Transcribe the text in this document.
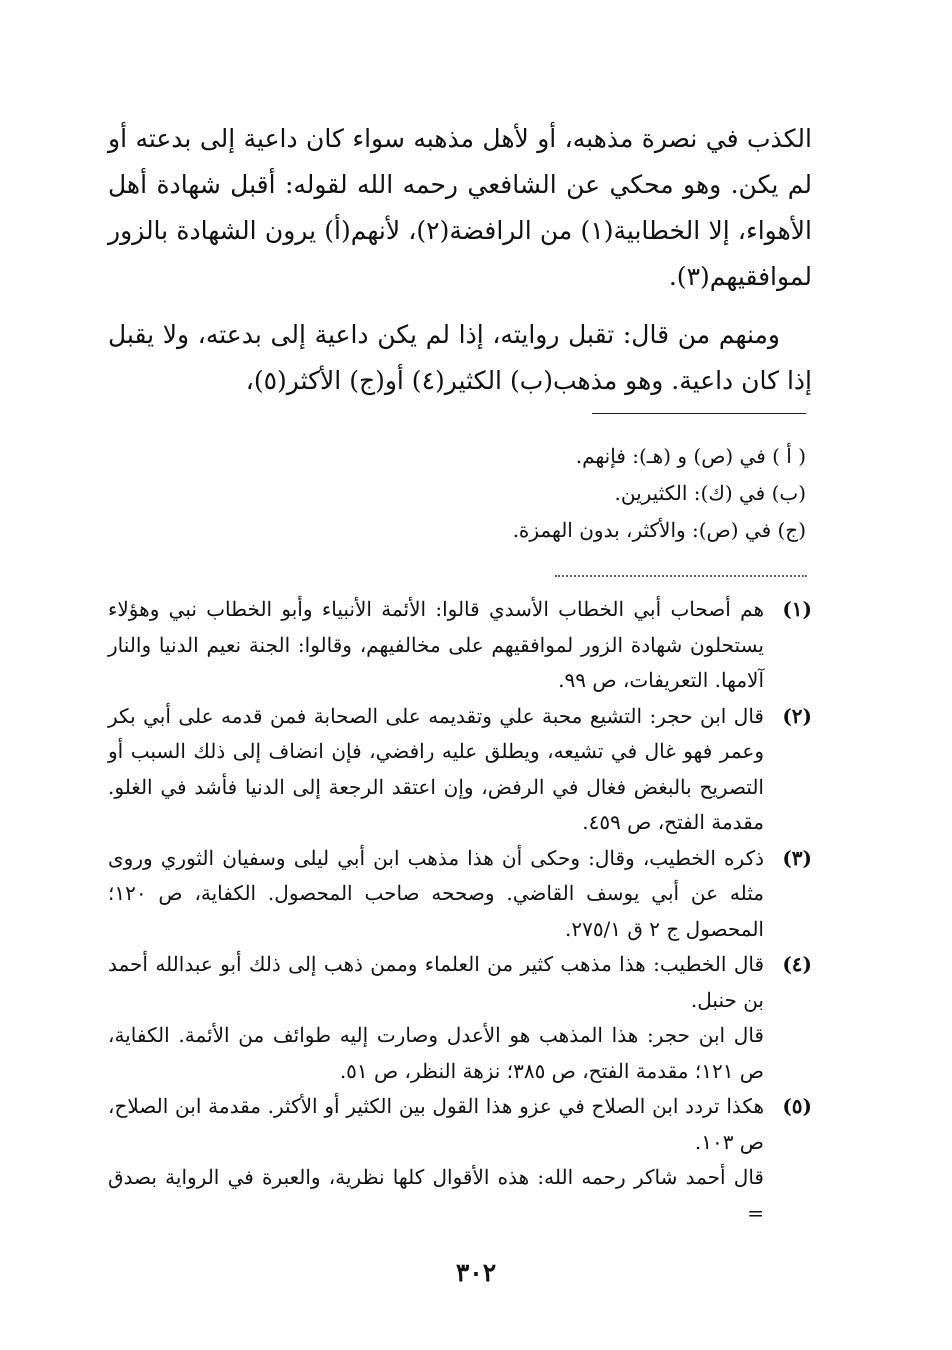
الكذب في نصرة مذهبه، أو لأهل مذهبه سواء كان داعية إلى بدعته أو لم يكن. وهو محكي عن الشافعي رحمه الله لقوله: أقبل شهادة أهل الأهواء، إلا الخطابية(١) من الرافضة(٢)، لأنهم(أ) يرون الشهادة بالزور لموافقيهم(٣).

ومنهم من قال: تقبل روايته، إذا لم يكن داعية إلى بدعته، ولا يقبل إذا كان داعية. وهو مذهب(ب) الكثير(٤) أو(ج) الأكثر(٥)،

( أ ) في (ص) و (هـ): فإنهم.
(ب) في (ك): الكثيرين.
(ج) في (ص): والأكثر، بدون الهمزة.
(١)
هم أصحاب أبي الخطاب الأسدي قالوا: الأئمة الأنبياء وأبو الخطاب نبي وهؤلاء يستحلون شهادة الزور لموافقيهم على مخالفيهم، وقالوا: الجنة نعيم الدنيا والنار آلامها. التعريفات، ص ٩٩.
(٢)
قال ابن حجر: التشيع محبة علي وتقديمه على الصحابة فمن قدمه على أبي بكر وعمر فهو غال في تشيعه، ويطلق عليه رافضي، فإن انضاف إلى ذلك السبب أو التصريح بالبغض فغال في الرفض، وإن اعتقد الرجعة إلى الدنيا فأشد في الغلو. مقدمة الفتح، ص ٤٥٩.
(٣)
ذكره الخطيب، وقال: وحكى أن هذا مذهب ابن أبي ليلى وسفيان الثوري وروى مثله عن أبي يوسف القاضي. وصححه صاحب المحصول. الكفاية، ص ١٢٠؛ المحصول ج ٢ ق ٢٧٥/١.
(٤)
قال الخطيب: هذا مذهب كثير من العلماء وممن ذهب إلى ذلك أبو عبدالله أحمد بن حنبل.
قال ابن حجر: هذا المذهب هو الأعدل وصارت إليه طوائف من الأئمة. الكفاية، ص ١٢١؛ مقدمة الفتح، ص ٣٨٥؛ نزهة النظر، ص ٥١.
(٥)
هكذا تردد ابن الصلاح في عزو هذا القول بين الكثير أو الأكثر. مقدمة ابن الصلاح، ص ١٠٣.
قال أحمد شاكر رحمه الله: هذه الأقوال كلها نظرية، والعبرة في الرواية بصدق =
٣٠٢
